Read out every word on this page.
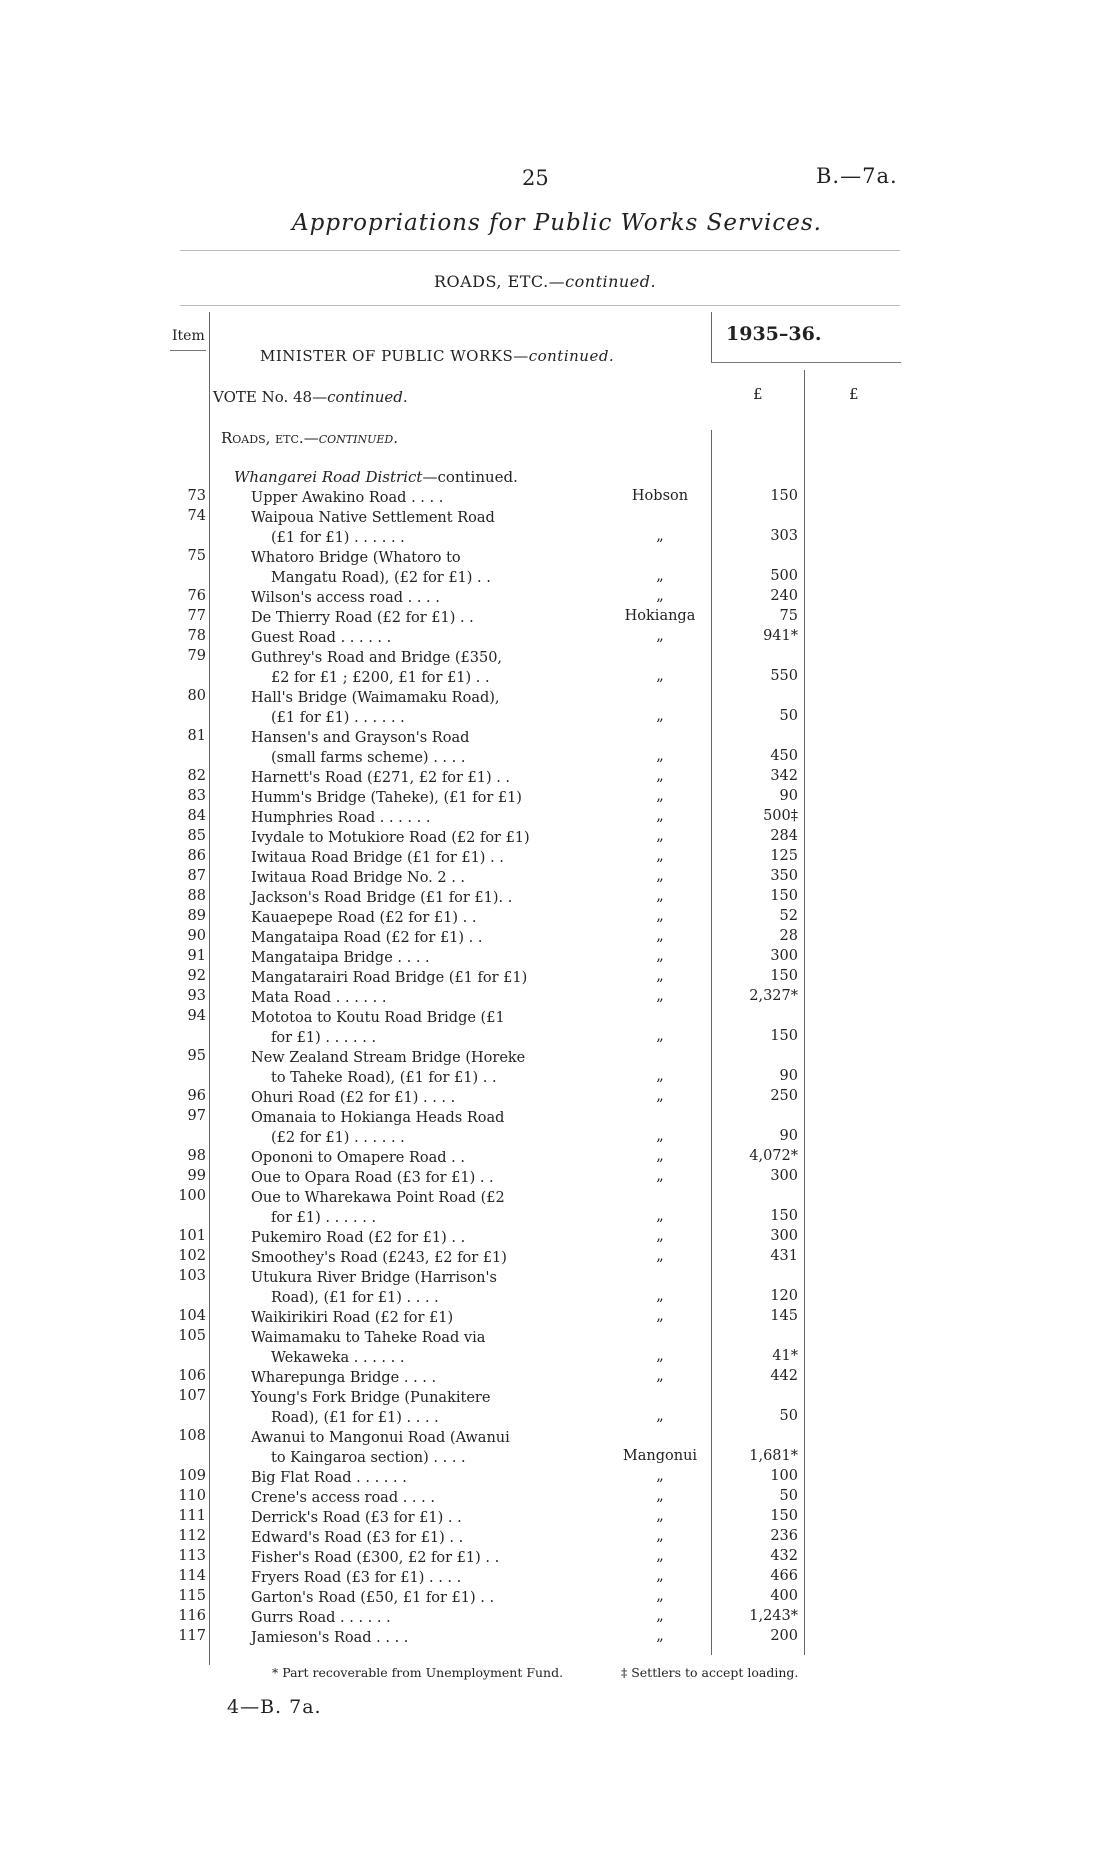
25	B.—7a.
Appropriations for Public Works Services.
ROADS, ETC.—continued.
Item	1935–36.
MINISTER OF PUBLIC WORKS—continued.
£	£
VOTE No. 48—continued.
Roads, etc.—continued.
Whangarei Road District—continued.
73	Upper Awakino Road . . . .	Hobson	150
74	Waipoua Native Settlement Road
(£1 for £1) . . . . . .	„	303
75	Whatoro Bridge (Whatoro to
Mangatu Road), (£2 for £1) . .	„	500
76	Wilson's access road . . . .	„	240
77	De Thierry Road (£2 for £1) . .	Hokianga	75
78	Guest Road . . . . . .	„	941*
79	Guthrey's Road and Bridge (£350,
£2 for £1 ; £200, £1 for £1) . .	„	550
80	Hall's Bridge (Waimamaku Road),
(£1 for £1) . . . . . .	„	50
81	Hansen's and Grayson's Road
(small farms scheme) . . . .	„	450
82	Harnett's Road (£271, £2 for £1) . .	„	342
83	Humm's Bridge (Taheke), (£1 for £1)	„	90
84	Humphries Road . . . . . .	„	500‡
85	Ivydale to Motukiore Road (£2 for £1)	„	284
86	Iwitaua Road Bridge (£1 for £1) . .	„	125
87	Iwitaua Road Bridge No. 2 . .	„	350
88	Jackson's Road Bridge (£1 for £1). .	„	150
89	Kauaepepe Road (£2 for £1) . .	„	52
90	Mangataipa Road (£2 for £1) . .	„	28
91	Mangataipa Bridge . . . .	„	300
92	Mangatarairi Road Bridge (£1 for £1)	„	150
93	Mata Road . . . . . .	„	2,327*
94	Mototoa to Koutu Road Bridge (£1
for £1) . . . . . .	„	150
95	New Zealand Stream Bridge (Horeke
to Taheke Road), (£1 for £1) . .	„	90
96	Ohuri Road (£2 for £1) . . . .	„	250
97	Omanaia to Hokianga Heads Road
(£2 for £1) . . . . . .	„	90
98	Opononi to Omapere Road . .	„	4,072*
99	Oue to Opara Road (£3 for £1) . .	„	300
100	Oue to Wharekawa Point Road (£2
for £1) . . . . . .	„	150
101	Pukemiro Road (£2 for £1) . .	„	300
102	Smoothey's Road (£243, £2 for £1)	„	431
103	Utukura River Bridge (Harrison's
Road), (£1 for £1) . . . .	„	120
104	Waikirikiri Road (£2 for £1)	„	145
105	Waimamaku to Taheke Road via
Wekaweka . . . . . .	„	41*
106	Wharepunga Bridge . . . .	„	442
107	Young's Fork Bridge (Punakitere
Road), (£1 for £1) . . . .	„	50
108	Awanui to Mangonui Road (Awanui
to Kaingaroa section) . . . .	Mangonui	1,681*
109	Big Flat Road . . . . . .	„	100
110	Crene's access road . . . .	„	50
111	Derrick's Road (£3 for £1) . .	„	150
112	Edward's Road (£3 for £1) . .	„	236
113	Fisher's Road (£300, £2 for £1) . .	„	432
114	Fryers Road (£3 for £1) . . . .	„	466
115	Garton's Road (£50, £1 for £1) . .	„	400
116	Gurrs Road . . . . . .	„	1,243*
117	Jamieson's Road . . . .	„	200
* Part recoverable from Unemployment Fund.	‡ Settlers to accept loading.
4—B. 7a.
